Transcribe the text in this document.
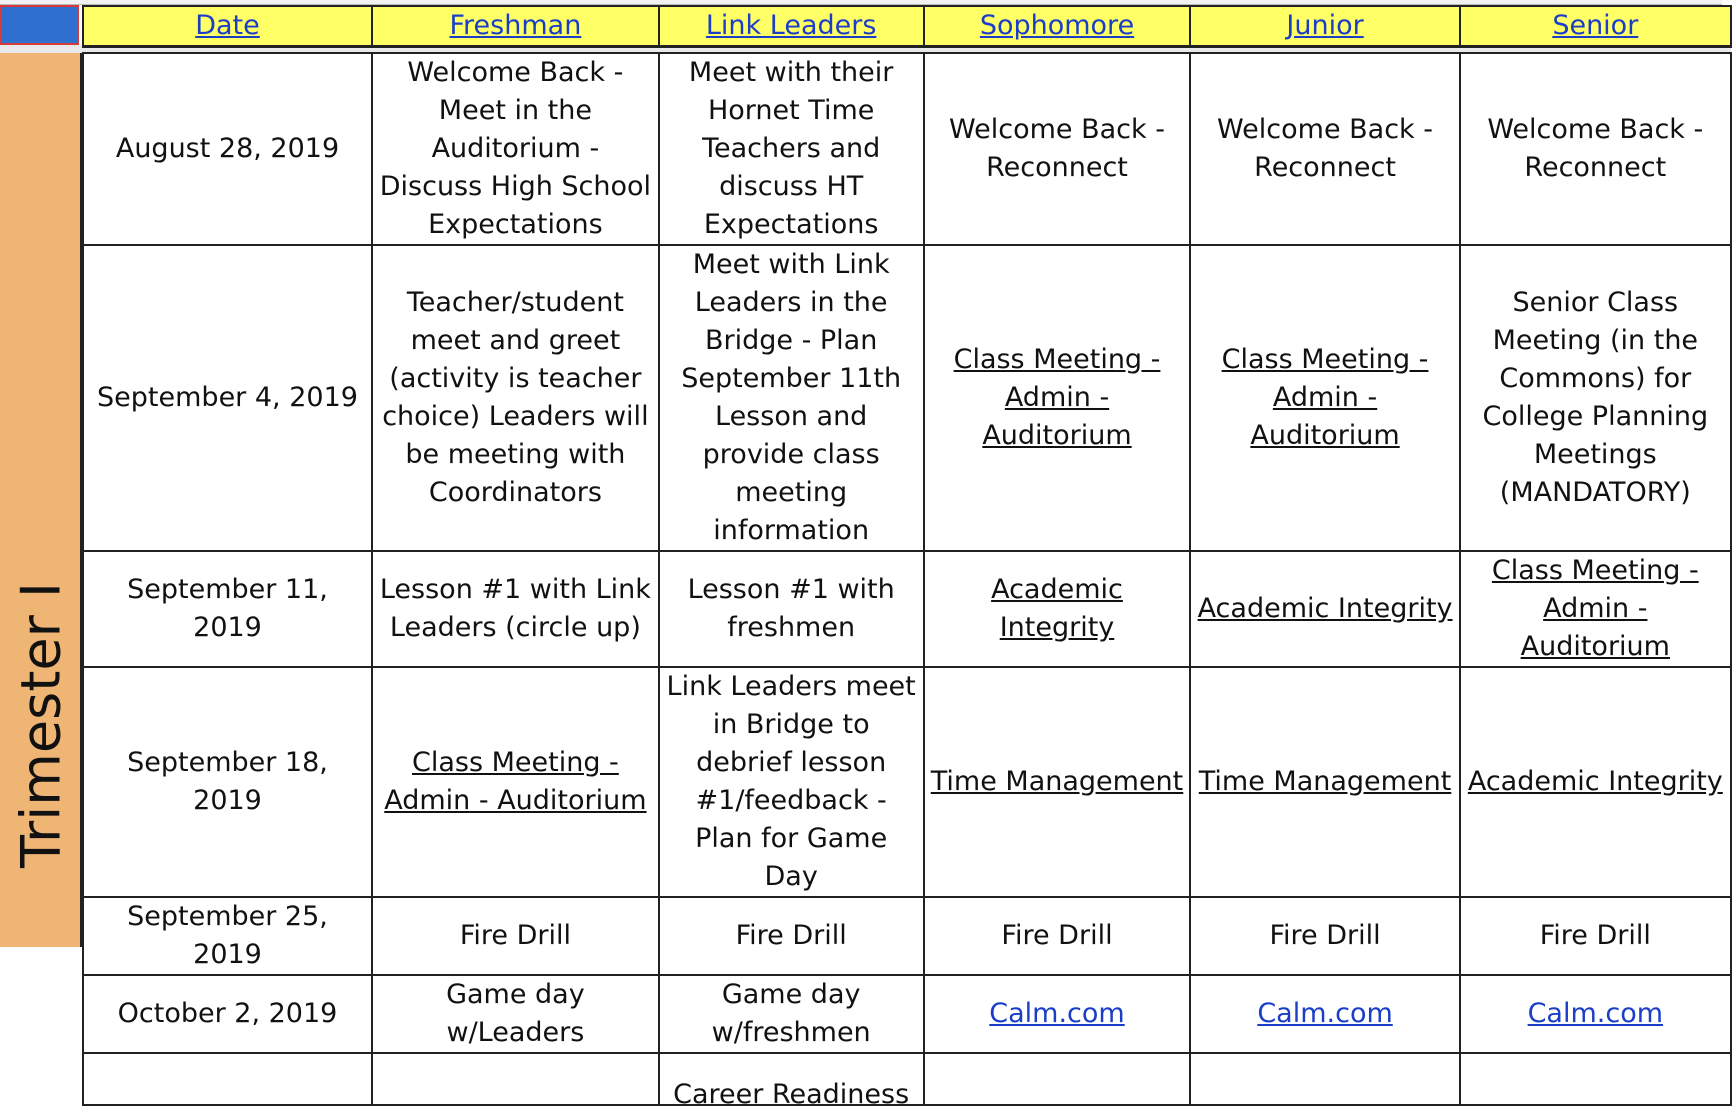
Trimester I
Date	Freshman	Link Leaders	Sophomore	Junior	Senior

August 28, 2019	Welcome Back - Meet in the Auditorium - Discuss High School Expectations	Meet with their Hornet Time Teachers and discuss HT Expectations	Welcome Back - Reconnect	Welcome Back - Reconnect	Welcome Back - Reconnect
September 4, 2019	Teacher/student meet and greet (activity is teacher choice) Leaders will be meeting with Coordinators	Meet with Link Leaders in the Bridge - Plan September 11th Lesson and provide class meeting information	Class Meeting - Admin - Auditorium	Class Meeting - Admin - Auditorium	Senior Class Meeting (in the Commons) for College Planning Meetings (MANDATORY)
September 11, 2019	Lesson #1 with Link Leaders (circle up)	Lesson #1 with freshmen	Academic Integrity	Academic Integrity	Class Meeting - Admin - Auditorium
September 18, 2019	Class Meeting - Admin - Auditorium	Link Leaders meet in Bridge to debrief lesson #1/feedback - Plan for Game Day	Time Management	Time Management	Academic Integrity
September 25, 2019	Fire Drill	Fire Drill	Fire Drill	Fire Drill	Fire Drill
October 2, 2019	Game day w/Leaders	Game day w/freshmen	Calm.com	Calm.com	Calm.com

		Career Readiness			
